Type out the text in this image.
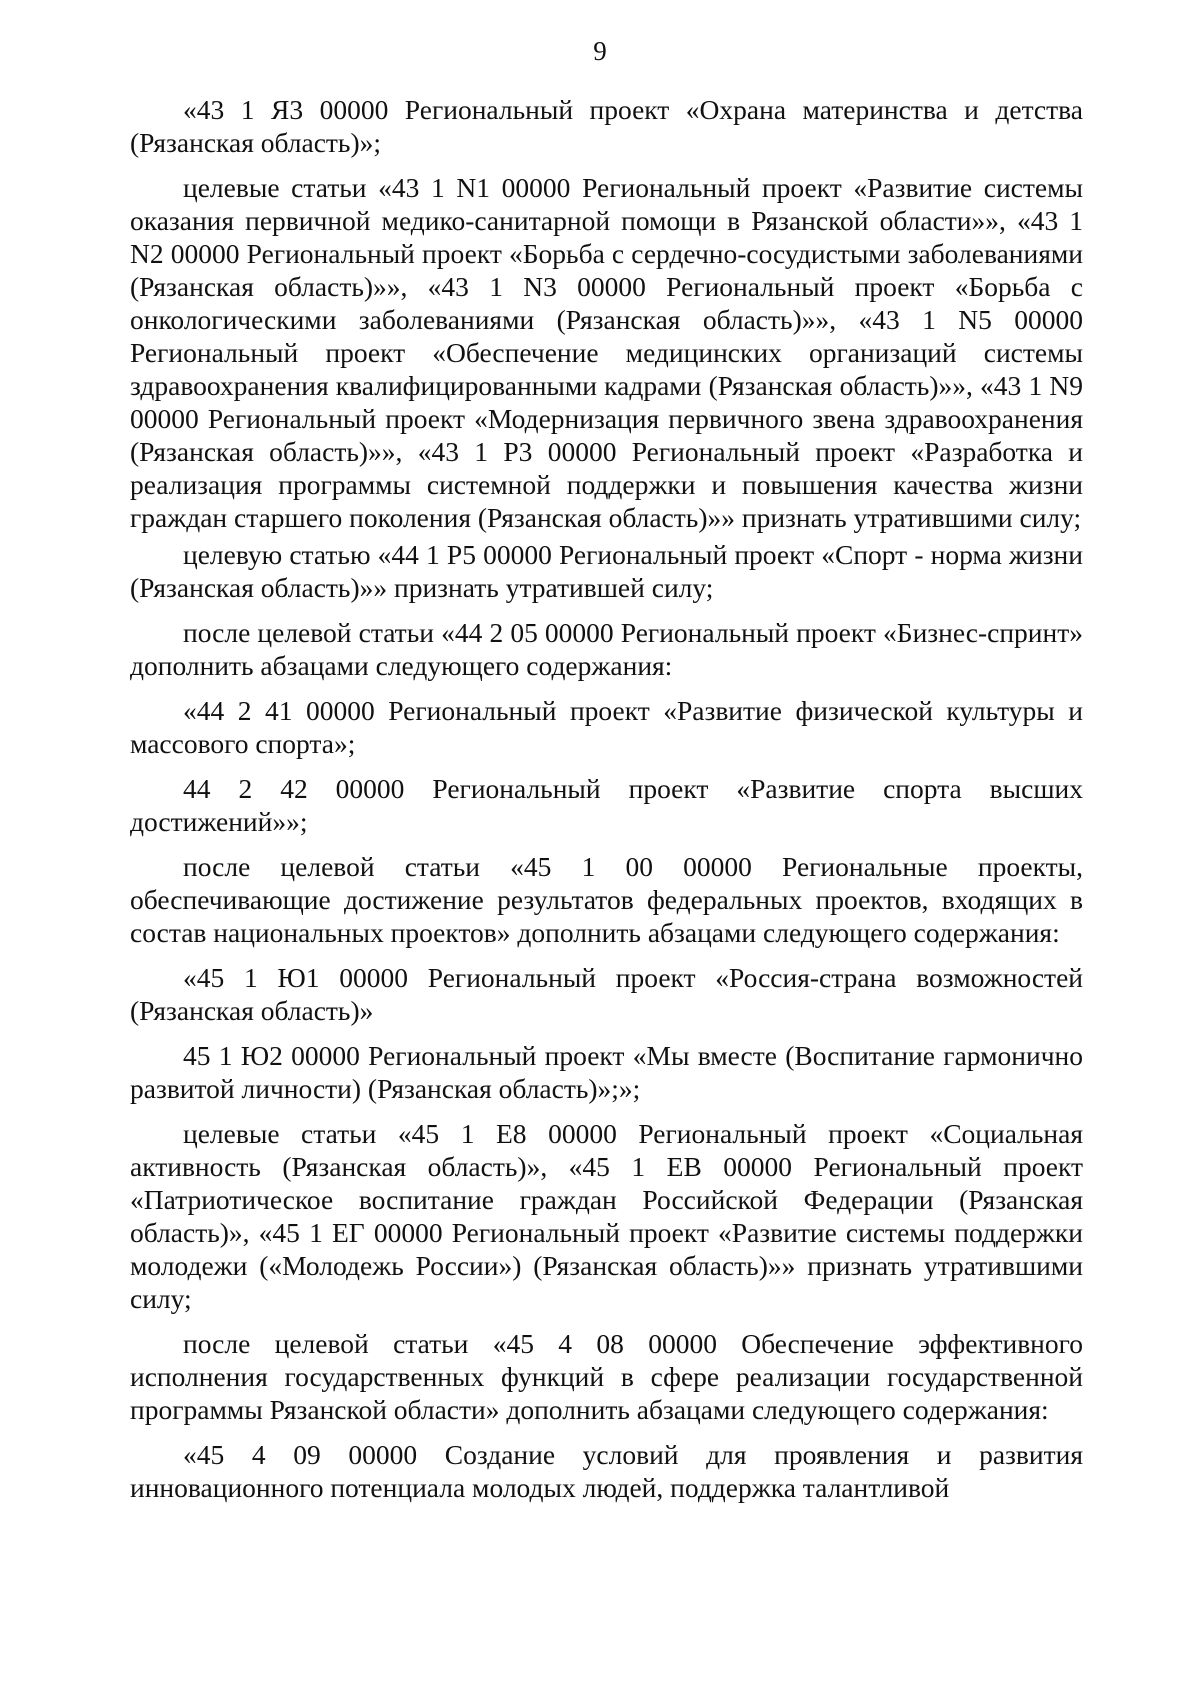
9

«43 1 Я3 00000 Региональный проект «Охрана материнства и детства (Рязанская область)»;

целевые статьи «43 1 N1 00000 Региональный проект «Развитие системы оказания первичной медико-санитарной помощи в Рязанской области»», «43 1 N2 00000 Региональный проект «Борьба с сердечно-сосудистыми заболеваниями (Рязанская область)»», «43 1 N3 00000 Региональный проект «Борьба с онкологическими заболеваниями (Рязанская область)»», «43 1 N5 00000 Региональный проект «Обеспечение медицинских организаций системы здравоохранения квалифицированными кадрами (Рязанская область)»», «43 1 N9 00000 Региональный проект «Модернизация первичного звена здравоохранения (Рязанская область)»», «43 1 P3 00000 Региональный проект «Разработка и реализация программы системной поддержки и повышения качества жизни граждан старшего поколения (Рязанская область)»» признать утратившими силу;

целевую статью «44 1 P5 00000 Региональный проект «Спорт - норма жизни (Рязанская область)»» признать утратившей силу;

после целевой статьи «44 2 05 00000 Региональный проект «Бизнес-спринт» дополнить абзацами следующего содержания:

«44 2 41 00000 Региональный проект «Развитие физической культуры и массового спорта»;

44 2 42 00000 Региональный проект «Развитие спорта высших достижений»»;

после целевой статьи «45 1 00 00000 Региональные проекты, обеспечивающие достижение результатов федеральных проектов, входящих в состав национальных проектов» дополнить абзацами следующего содержания:

«45 1 Ю1 00000 Региональный проект «Россия-страна возможностей (Рязанская область)»

45 1 Ю2 00000 Региональный проект «Мы вместе (Воспитание гармонично развитой личности) (Рязанская область)»;»;

целевые статьи «45 1 E8 00000 Региональный проект «Социальная активность (Рязанская область)», «45 1 EB 00000 Региональный проект «Патриотическое воспитание граждан Российской Федерации (Рязанская область)», «45 1 ЕГ 00000 Региональный проект «Развитие системы поддержки молодежи («Молодежь России») (Рязанская область)»» признать утратившими силу;

после целевой статьи «45 4 08 00000 Обеспечение эффективного исполнения государственных функций в сфере реализации государственной программы Рязанской области» дополнить абзацами следующего содержания:

«45 4 09 00000 Создание условий для проявления и развития инновационного потенциала молодых людей, поддержка талантливой
